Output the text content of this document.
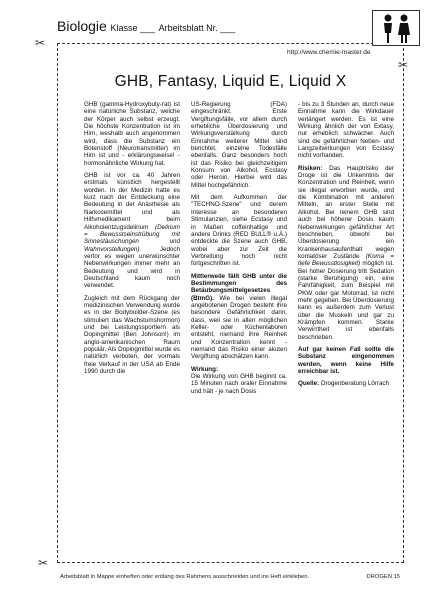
✂
✂
✂
Biologie Klasse ___ Arbeitsblatt Nr. ___
http://www.chemie-master.de
GHB, Fantasy, Liquid E, Liquid X

GHB (gamma-Hydroxybuty-rat) ist eine natürliche Substanz, welche der Körper auch selbst erzeugt. Die höchste Konzentration ist im Hirn, weshalb auch angenommen wird, dass die Substanz ein Botenstoff (Neurotransmitter) im Hirn ist und - erklärungsweise! - hormonähnliche Wirkung hat.

GHB ist vor ca. 40 Jahren erstmals künstlich hergestellt worden. In der Medizin hatte es kurz nach der Entdeckung eine Bedeutung in der Anästhesie als Narkosemittel und als Hilfsmedikament beim Alkoholentzugsdelirium (Delirium = Bewusstseinstrübung mit Sinnestäuschungen und Wahnvorstellungen).	Jedoch vertor es wegen unerwünschter Nebenwirkungen immer mehr an Bedeutung und wird in Deutschland kaum noch verwendet.

Zugleich mit dem Rückgang der medizinischen Verwendung wurde es in der Bodybuilder-Szene (es stimuliert das Wachstumshormon) und bei Leistungssportlern als Dopingmittel (Ben Johnson!) im anglo-amerikanischen Raum populär. Als Dopingmittel wurde es natürlich verboten, der vormals freie Verkauf in der USA ab Ende 1990 durch die

US-Regierung (FDA) eingeschränkt. Erste Vergiftungsfälle, vor allem durch erhebliche Überdosierung und Wirkungsverstärkung durch Einnahme weiterer Mittel sind berichtet, einzelne Todesfälle ebenfalls. Ganz besonders hoch ist das Risiko bei gleichzeitigem Konsum von Alkohol, Ecstasy oder Heroin. Hierbei wird das Mittel hochgefährlich.

Mit dem Aufkommen der "TECHNO-Szene" und derem Interesse an besonderen Stimulanzien, siehe Ecstasy und in Maßen coffeinhaltige und andere Drinks (RED BULL® u.Ä.) entdeckte die Szene auch GHB, wobei aber zur Zeit die Verbreitung noch nicht fortgeschritten ist.

Mittlerweile fällt GHB unter die Bestimmungen des Betäubungsmittelgesetzes (BtmG). Wie bei vielen illegal angebotenen Drogen besteht ihre besondere Gefährlichkeit darin, dass, weil sie in allen möglichen Keller- oder Küchenlaboren entsteht, niemand ihre Reinheit und Konzentration kennt - niemand das Risiko einer akuten Vergiftung abschätzen kann.

Wirkung:
Die Wirkung von GHB beginnt ca. 15 Minuten nach oraler Einnahme und hält - je nach Dosis

- bis zu 3 Stunden an, durch neue Einnahme kann die Wirkdauer verlängert werden. Es ist eine Wirkung ähnlich der von Extasy, nur erheblich schwächer. Auch sind die gefährlichen Neben- und Langzeitwirkungen von Ecstasy nicht vorhanden.

Risiken: Das Hauptrisiko der Droge ist die Unkenntnis der Konzentration und Reinheit, wenn sie illegal erworben wurde, und die Kombination mit anderen Mitteln, an erster Stelle mit Alkohol. Bei reinem GHB sind auch bei höherer Dosis kaum Nebenwirkungen gefährlicher Art beschrieben, obwohl bei Überdosierung ein Krankenhausaufenthalt wegen komatöser Zustände (Koma = tiefe Bewusstlosigkeit) möglich ist. Bei hoher Dosierung tritt Sedation (starke Beruhigung) ein, eine Fahrfähigkeit, zum Beispiel mit PKW oder gar Motorrad, ist nicht mehr gegeben. Bei Überdosierung kann es außerdem zum Verlust über die Muskeln und gar zu Krämpfen kommen. Starke Verwirrtheit ist ebenfalls beschrieben.

Auf gar keinen Fall sollte die Substanz eingenommen werden, wenn keine Hilfe erreichbar ist.

Quelle: Drogenberatung Lörrach

Arbeitsblatt in Mappe einheften oder entlang des Rahmens ausschneiden und ins Heft einkleben.	DROGEN 15
